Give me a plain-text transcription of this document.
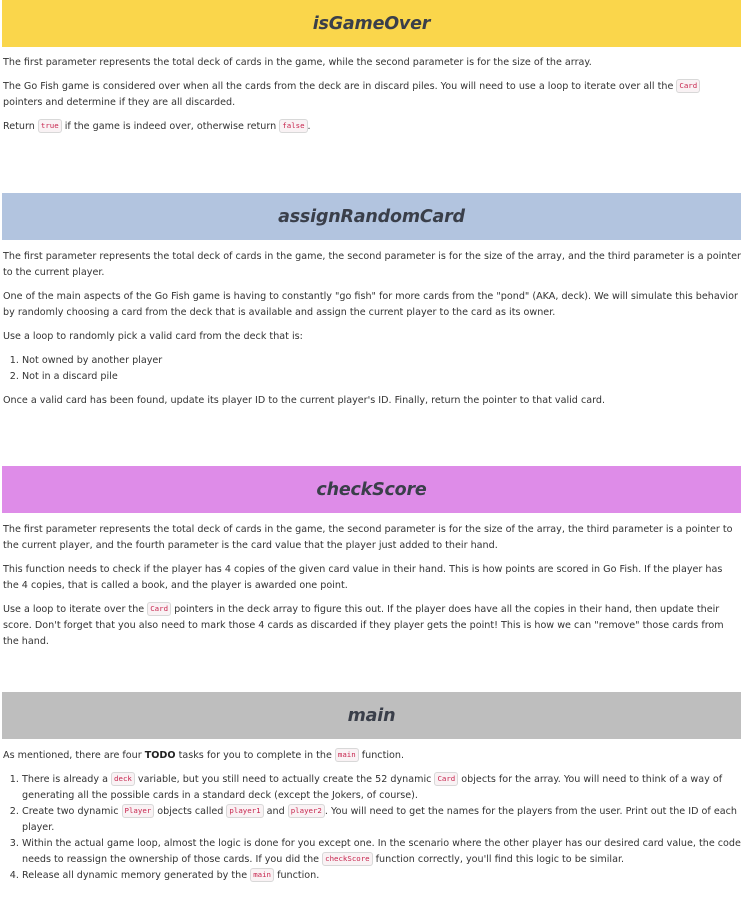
isGameOver

The first parameter represents the total deck of cards in the game, while the second parameter is for the size of the array.

The Go Fish game is considered over when all the cards from the deck are in discard piles. You will need to use a loop to iterate over all the Card pointers and determine if they are all discarded.

Return true if the game is indeed over, otherwise return false .

assignRandomCard

The first parameter represents the total deck of cards in the game, the second parameter is for the size of the array, and the third parameter is a pointer to the current player.

One of the main aspects of the Go Fish game is having to constantly "go fish" for more cards from the "pond" (AKA, deck). We will simulate this behavior by randomly choosing a card from the deck that is available and assign the current player to the card as its owner.

Use a loop to randomly pick a valid card from the deck that is:

1. Not owned by another player
2. Not in a discard pile

Once a valid card has been found, update its player ID to the current player's ID. Finally, return the pointer to that valid card.

checkScore

The first parameter represents the total deck of cards in the game, the second parameter is for the size of the array, the third parameter is a pointer to the current player, and the fourth parameter is the card value that the player just added to their hand.

This function needs to check if the player has 4 copies of the given card value in their hand. This is how points are scored in Go Fish. If the player has the 4 copies, that is called a book, and the player is awarded one point.

Use a loop to iterate over the Card pointers in the deck array to figure this out. If the player does have all the copies in their hand, then update their score. Don't forget that you also need to mark those 4 cards as discarded if they player gets the point! This is how we can "remove" those cards from the hand.

main

As mentioned, there are four TODO tasks for you to complete in the main function.

1. There is already a deck variable, but you still need to actually create the 52 dynamic Card objects for the array. You will need to think of a way of generating all the possible cards in a standard deck (except the Jokers, of course).
2. Create two dynamic Player objects called player1 and player2 . You will need to get the names for the players from the user. Print out the ID of each player.
3. Within the actual game loop, almost the logic is done for you except one. In the scenario where the other player has our desired card value, the code needs to reassign the ownership of those cards. If you did the checkScore function correctly, you'll find this logic to be similar.
4. Release all dynamic memory generated by the main function.
